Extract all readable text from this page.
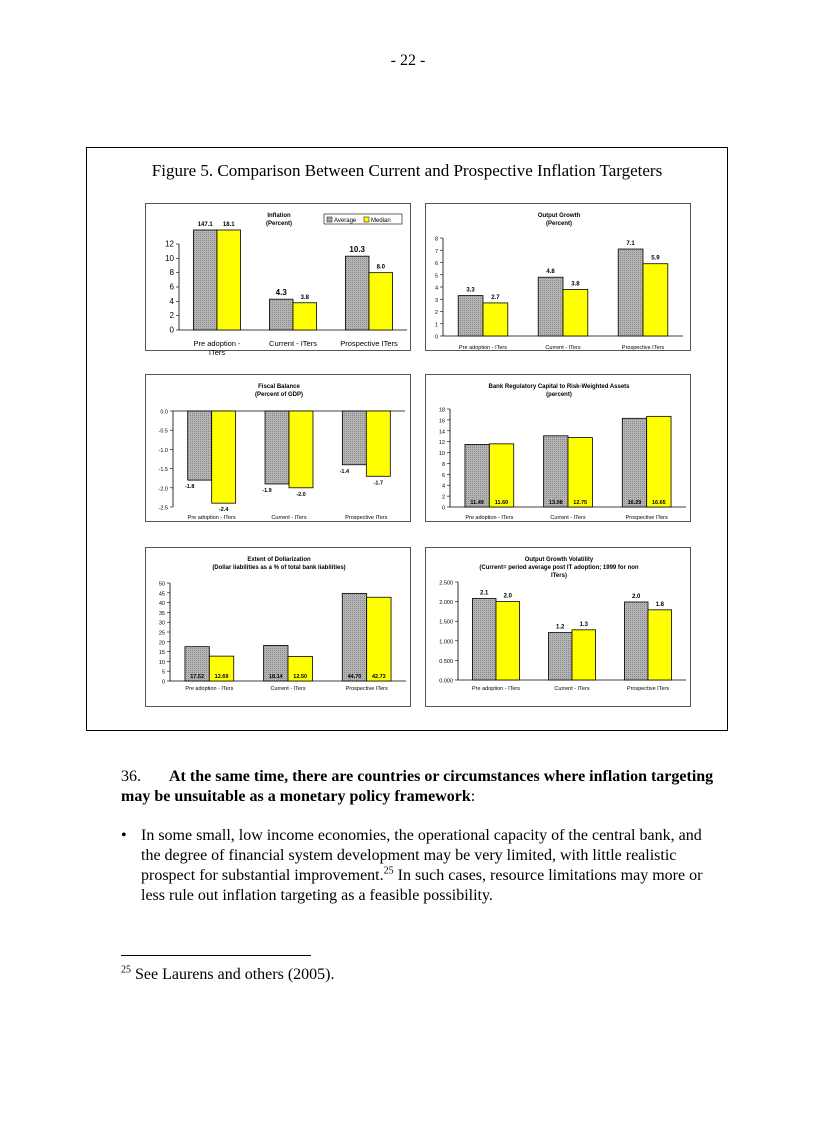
- 22 -
Figure 5. Comparison Between Current and Prospective Inflation Targeters
Inflation
(Percent)
0
2
4
6
8
10
12
147.1 18.1
Pre adoption -
ITers
4.3
3.8
Current - ITers
10.3
8.0
Prospective ITers
Average Median
Output Growth
(Percent)
0
1
2
3
4
5
6
7
8
3.3
2.7
Pre adoption - ITers
4.8
3.8
Current - ITers
7.1
5.9
Prospective ITers
Fiscal Balance
(Percent of GDP)
-2.5
-2.0
-1.5
-1.0
-0.5
0.0
-1.8
-2.4
Pre adoption - ITers
-1.9
-2.0
Current - ITers
-1.4
-1.7
Prospective ITers
Bank Regulatory Capital to Risk-Weighted Assets
(percent)
0
2
4
6
8
10
12
14
16
18
11.49 11.60
Pre adoption - ITers
13.08 12.75
Current - ITers
16.29 16.65
Prospective ITers
Extent of Dollarization
(Dollar liabilities as a % of total bank liabilities)
0
5
10
15
20
25
30
35
40
45
50
17.52 12.69
Pre adoption - ITers
18.14 12.50
Current - ITers
44.70 42.73
Prospective ITers
Output Growth Volatility
(Current= period average post IT adoption; 1999 for non
ITers)
0.000
0.500
1.000
1.500
2.000
2.500
2.1
2.0
Pre adoption - ITers
1.2	1.3
Current - ITers
2.0
1.8
Prospective ITers
36. At the same time, there are countries or circumstances where inflation targeting may be unsuitable as a monetary policy framework:
• In some small, low income economies, the operational capacity of the central bank, and the degree of financial system development may be very limited, with little realistic prospect for substantial improvement.$^{25}$ In such cases, resource limitations may more or less rule out inflation targeting as a feasible possibility.
$^{25}$ See Laurens and others (2005).
